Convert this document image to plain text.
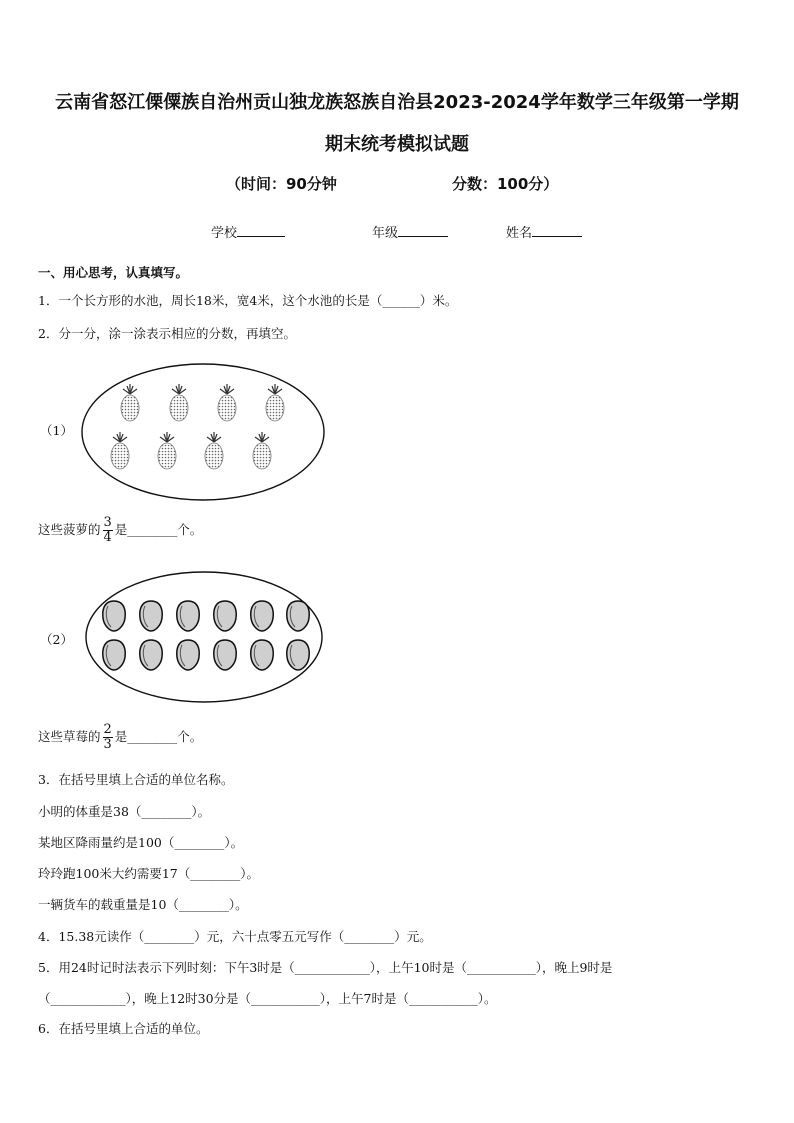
云南省怒江傈僳族自治州贡山独龙族怒族自治县2023-2024学年数学三年级第一学期
期末统考模拟试题
（时间：90分钟	分数：100分）
学校	年级	姓名
一、用心思考，认真填写。
1．一个长方形的水池，周长18米，宽4米，这个水池的长是（______）米。
2．分一分，涂一涂表示相应的分数，再填空。
（1）
这些菠萝的 $\frac{3}{4}$ 是________个。
（2）
这些草莓的 $\frac{2}{3}$ 是________个。
3．在括号里填上合适的单位名称。
小明的体重是38（________）。
某地区降雨量约是100（________）。
玲玲跑100米大约需要17（________）。
一辆货车的载重量是10（________）。
4．15.38元读作（________）元，六十点零五元写作（________）元。
5．用24时记时法表示下列时刻：下午3时是（____________），上午10时是（___________），晚上9时是
（____________），晚上12时30分是（___________），上午7时是（___________）。
6．在括号里填上合适的单位。
